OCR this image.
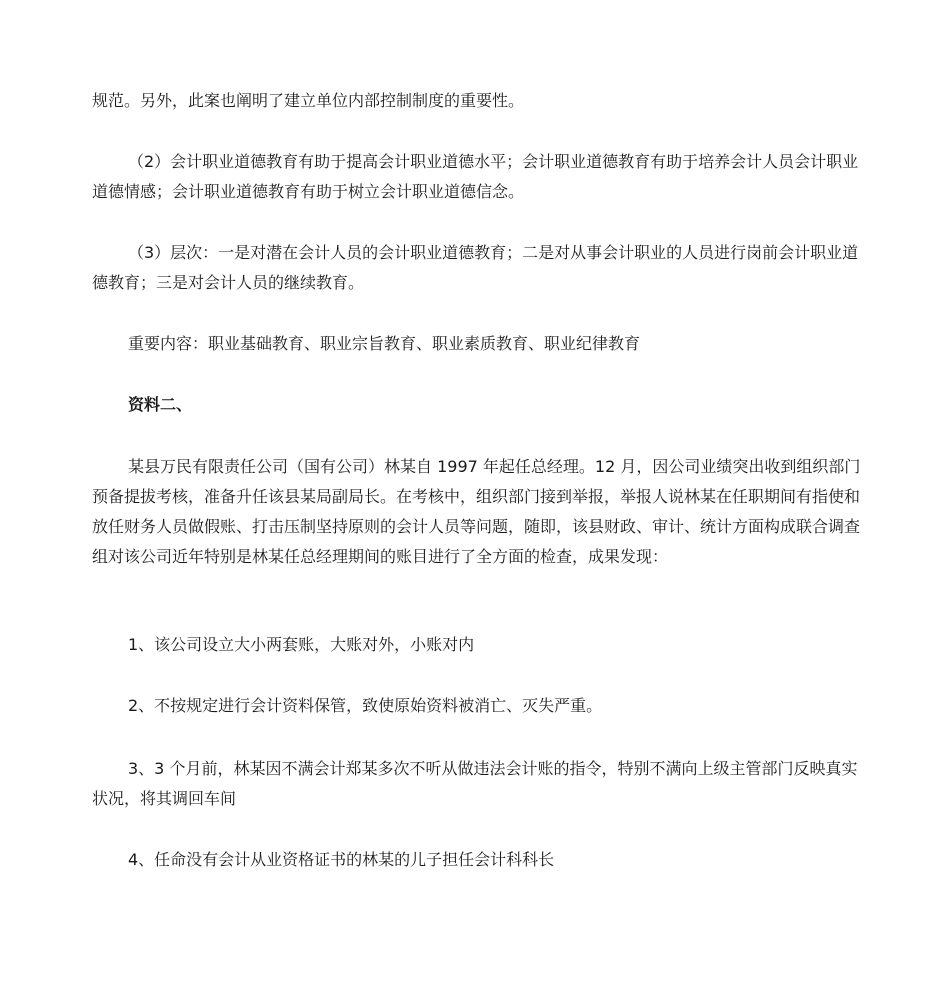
规范。另外，此案也阐明了建立单位内部控制制度的重要性。

（2）会计职业道德教育有助于提高会计职业道德水平；会计职业道德教育有助于培养会计人员会计职业道德情感；会计职业道德教育有助于树立会计职业道德信念。

（3）层次：一是对潜在会计人员的会计职业道德教育；二是对从事会计职业的人员进行岗前会计职业道德教育；三是对会计人员的继续教育。

重要内容：职业基础教育、职业宗旨教育、职业素质教育、职业纪律教育

资料二、

某县万民有限责任公司（国有公司）林某自 1997 年起任总经理。12 月，因公司业绩突出收到组织部门预备提拔考核，准备升任该县某局副局长。在考核中，组织部门接到举报，举报人说林某在任职期间有指使和放任财务人员做假账、打击压制坚持原则的会计人员等问题，随即，该县财政、审计、统计方面构成联合调查组对该公司近年特别是林某任总经理期间的账目进行了全方面的检查，成果发现：

1、该公司设立大小两套账，大账对外，小账对内

2、不按规定进行会计资料保管，致使原始资料被消亡、灭失严重。

3、3 个月前，林某因不满会计郑某多次不听从做违法会计账的指令，特别不满向上级主管部门反映真实状况，将其调回车间

4、任命没有会计从业资格证书的林某的儿子担任会计科科长
